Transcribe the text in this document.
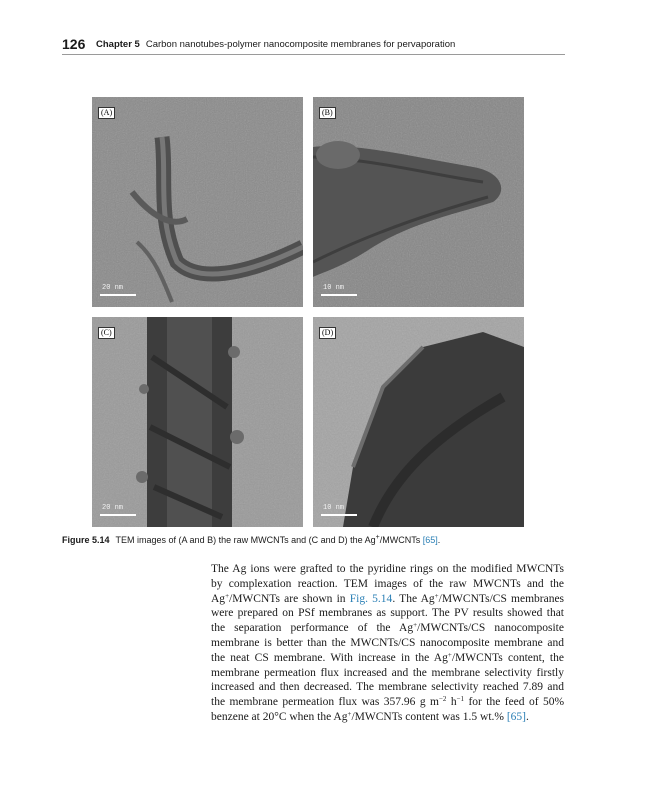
126 Chapter 5 Carbon nanotubes-polymer nanocomposite membranes for pervaporation
(A)
20 nm
(B)
10 nm
(C)
20 nm
(D)
10 nm
Figure 5.14 TEM images of (A and B) the raw MWCNTs and (C and D) the Ag+/MWCNTs [65].

The Ag ions were grafted to the pyridine rings on the modified MWCNTs by complexation reaction. TEM images of the raw MWCNTs and the Ag+/MWCNTs are shown in Fig. 5.14. The Ag+/MWCNTs/CS membranes were prepared on PSf membranes as support. The PV results showed that the separation performance of the Ag+/MWCNTs/CS nanocomposite membrane is better than the MWCNTs/CS nanocomposite membrane and the neat CS membrane. With increase in the Ag+/MWCNTs content, the membrane permeation flux increased and the membrane selectivity firstly increased and then decreased. The membrane selectivity reached 7.89 and the membrane permeation flux was 357.96 g $m^{-2}$ $h^{-1}$ for the feed of 50% benzene at 20°C when the Ag+/MWCNTs content was 1.5 wt.% [65].
